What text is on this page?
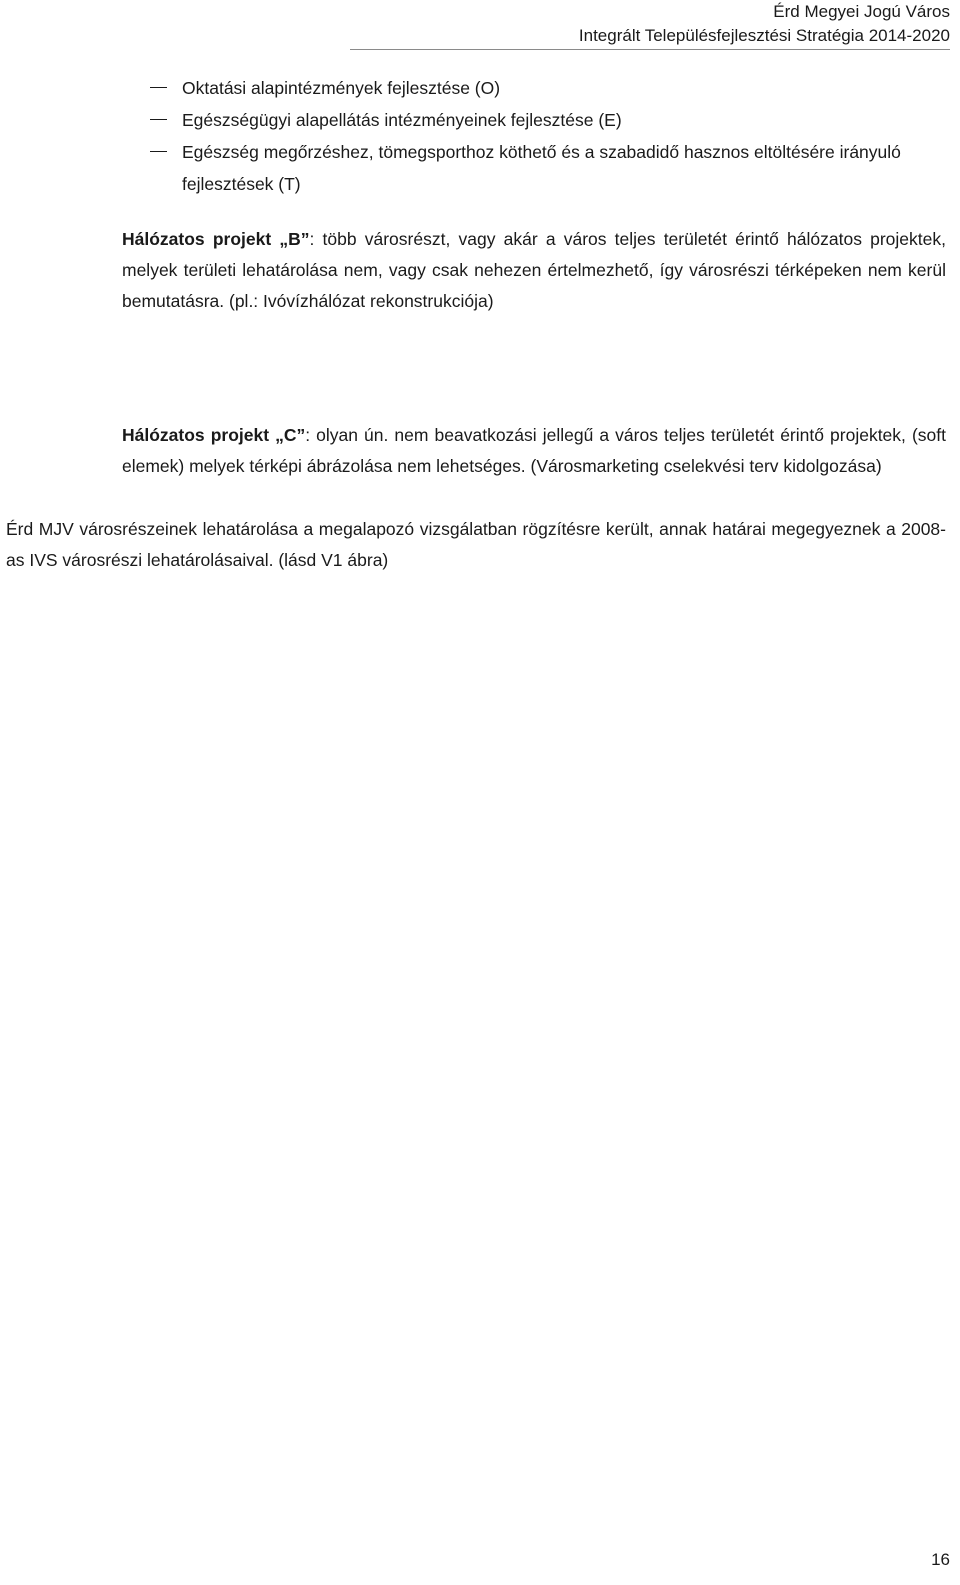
Érd Megyei Jogú Város
Integrált Településfejlesztési Stratégia 2014-2020
Oktatási alapintézmények fejlesztése (O)
Egészségügyi alapellátás intézményeinek fejlesztése (E)
Egészség megőrzéshez, tömegsporthoz köthető és a szabadidő hasznos eltöltésére irányuló fejlesztések (T)
Hálózatos projekt „B”: több városrészt, vagy akár a város teljes területét érintő hálózatos projektek, melyek területi lehatárolása nem, vagy csak nehezen értelmezhető, így városrészi térképeken nem kerül bemutatásra. (pl.: Ivóvízhálózat rekonstrukciója)
Hálózatos projekt „C”: olyan ún. nem beavatkozási jellegű a város teljes területét érintő projektek, (soft elemek) melyek térképi ábrázolása nem lehetséges. (Városmarketing cselekvési terv kidolgozása)
Érd MJV városrészeinek lehatárolása a megalapozó vizsgálatban rögzítésre került, annak határai megegyeznek a 2008-as IVS városrészi lehatárolásaival. (lásd V1 ábra)
16
